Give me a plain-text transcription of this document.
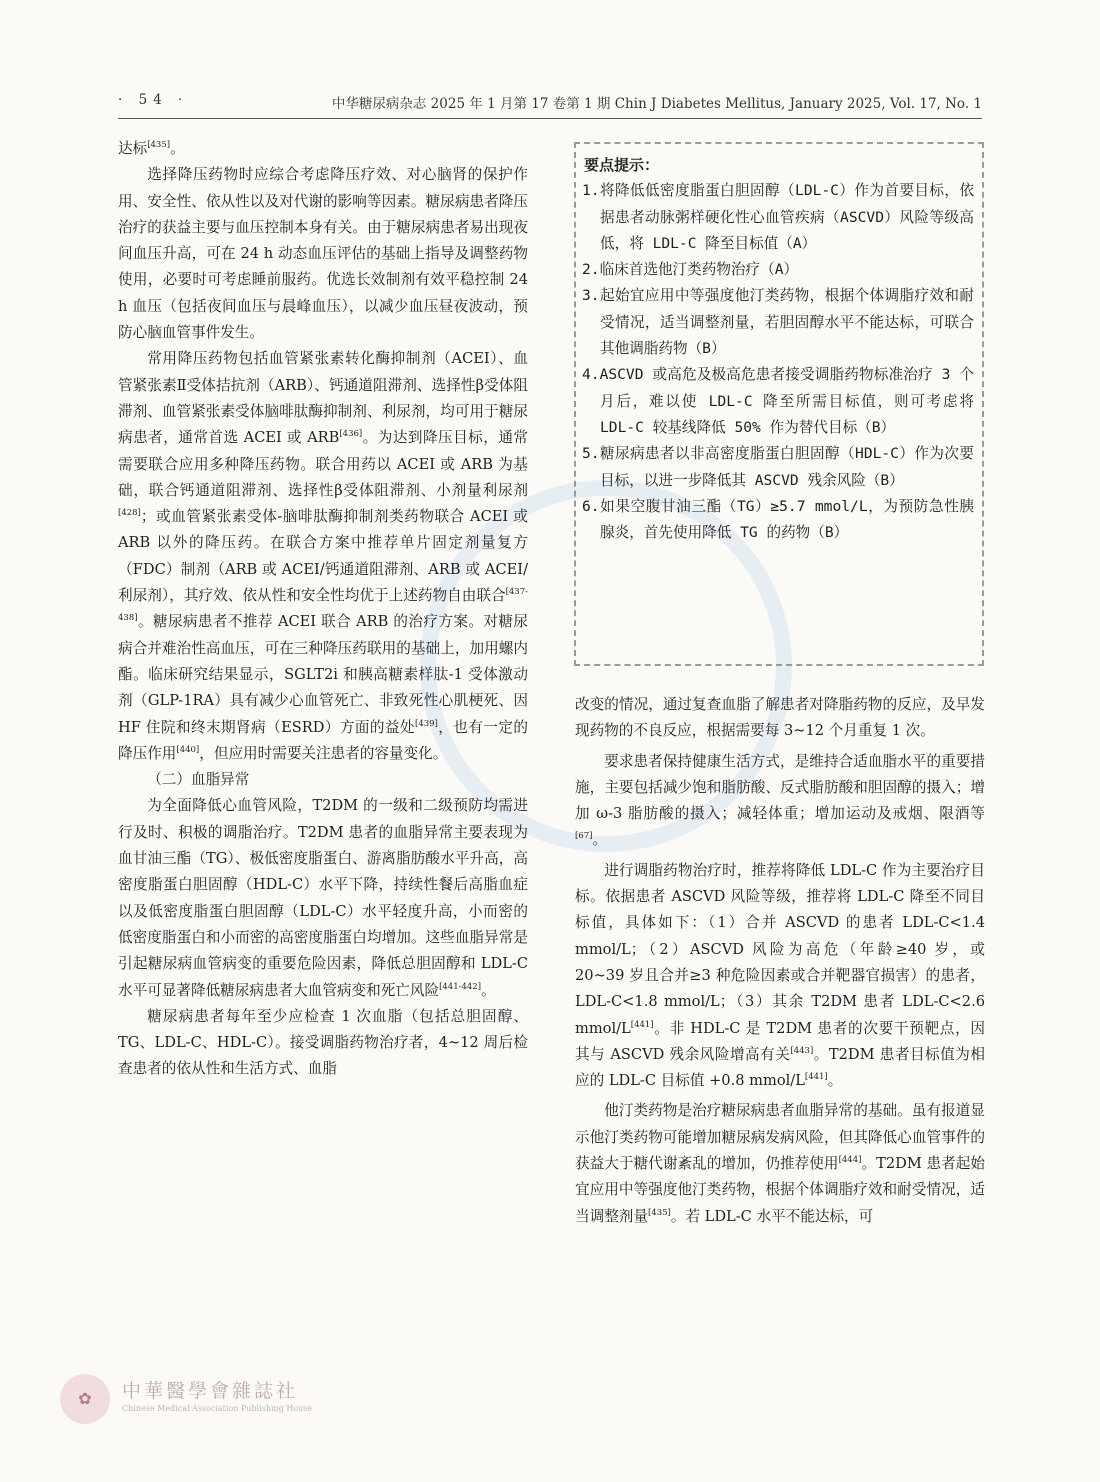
· 54 ·	中华糖尿病杂志 2025 年 1 月第 17 卷第 1 期 Chin J Diabetes Mellitus, January 2025, Vol. 17, No. 1

达标[435]。

选择降压药物时应综合考虑降压疗效、对心脑肾的保护作用、安全性、依从性以及对代谢的影响等因素。糖尿病患者降压治疗的获益主要与血压控制本身有关。由于糖尿病患者易出现夜间血压升高，可在 24 h 动态血压评估的基础上指导及调整药物使用，必要时可考虑睡前服药。优选长效制剂有效平稳控制 24 h 血压（包括夜间血压与晨峰血压），以减少血压昼夜波动，预防心脑血管事件发生。

常用降压药物包括血管紧张素转化酶抑制剂（ACEI）、血管紧张素Ⅱ受体拮抗剂（ARB）、钙通道阻滞剂、选择性β受体阻滞剂、血管紧张素受体脑啡肽酶抑制剂、利尿剂，均可用于糖尿病患者，通常首选 ACEI 或 ARB[436]。为达到降压目标，通常需要联合应用多种降压药物。联合用药以 ACEI 或 ARB 为基础，联合钙通道阻滞剂、选择性β受体阻滞剂、小剂量利尿剂[428]；或血管紧张素受体-脑啡肽酶抑制剂类药物联合 ACEI 或 ARB 以外的降压药。在联合方案中推荐单片固定剂量复方（FDC）制剂（ARB 或 ACEI/钙通道阻滞剂、ARB 或 ACEI/利尿剂），其疗效、依从性和安全性均优于上述药物自由联合[437-438]。糖尿病患者不推荐 ACEI 联合 ARB 的治疗方案。对糖尿病合并难治性高血压，可在三种降压药联用的基础上，加用螺内酯。临床研究结果显示，SGLT2i 和胰高糖素样肽-1 受体激动剂（GLP-1RA）具有减少心血管死亡、非致死性心肌梗死、因 HF 住院和终末期肾病（ESRD）方面的益处[439]，也有一定的降压作用[440]，但应用时需要关注患者的容量变化。

（二）血脂异常

为全面降低心血管风险，T2DM 的一级和二级预防均需进行及时、积极的调脂治疗。T2DM 患者的血脂异常主要表现为血甘油三酯（TG）、极低密度脂蛋白、游离脂肪酸水平升高，高密度脂蛋白胆固醇（HDL-C）水平下降，持续性餐后高脂血症以及低密度脂蛋白胆固醇（LDL-C）水平轻度升高，小而密的低密度脂蛋白和小而密的高密度脂蛋白均增加。这些血脂异常是引起糖尿病血管病变的重要危险因素，降低总胆固醇和 LDL-C 水平可显著降低糖尿病患者大血管病变和死亡风险[441-442]。

糖尿病患者每年至少应检查 1 次血脂（包括总胆固醇、TG、LDL-C、HDL-C）。接受调脂药物治疗者，4~12 周后检查患者的依从性和生活方式、血脂

要点提示：

1.将降低低密度脂蛋白胆固醇（LDL-C）作为首要目标，依据患者动脉粥样硬化性心血管疾病（ASCVD）风险等级高低，将 LDL-C 降至目标值（A）

2.临床首选他汀类药物治疗（A）

3.起始宜应用中等强度他汀类药物，根据个体调脂疗效和耐受情况，适当调整剂量，若胆固醇水平不能达标，可联合其他调脂药物（B）

4.ASCVD 或高危及极高危患者接受调脂药物标准治疗 3 个月后，难以使 LDL-C 降至所需目标值，则可考虑将 LDL-C 较基线降低 50% 作为替代目标（B）

5.糖尿病患者以非高密度脂蛋白胆固醇（HDL-C）作为次要目标，以进一步降低其 ASCVD 残余风险（B）

6.如果空腹甘油三酯（TG）≥5.7 mmol/L，为预防急性胰腺炎，首先使用降低 TG 的药物（B）

改变的情况，通过复查血脂了解患者对降脂药物的反应，及早发现药物的不良反应，根据需要每 3~12 个月重复 1 次。

要求患者保持健康生活方式，是维持合适血脂水平的重要措施，主要包括减少饱和脂肪酸、反式脂肪酸和胆固醇的摄入；增加 ω-3 脂肪酸的摄入；减轻体重；增加运动及戒烟、限酒等[67]。

进行调脂药物治疗时，推荐将降低 LDL-C 作为主要治疗目标。依据患者 ASCVD 风险等级，推荐将 LDL-C 降至不同目标值，具体如下：（1）合并 ASCVD 的患者 LDL-C<1.4 mmol/L；（2）ASCVD 风险为高危（年龄≥40 岁，或 20~39 岁且合并≥3 种危险因素或合并靶器官损害）的患者，LDL-C<1.8 mmol/L；（3）其余 T2DM 患者 LDL-C<2.6 mmol/L[441]。非 HDL-C 是 T2DM 患者的次要干预靶点，因其与 ASCVD 残余风险增高有关[443]。T2DM 患者目标值为相应的 LDL-C 目标值 +0.8 mmol/L[441]。

他汀类药物是治疗糖尿病患者血脂异常的基础。虽有报道显示他汀类药物可能增加糖尿病发病风险，但其降低心血管事件的获益大于糖代谢紊乱的增加，仍推荐使用[444]。T2DM 患者起始宜应用中等强度他汀类药物，根据个体调脂疗效和耐受情况，适当调整剂量[435]。若 LDL-C 水平不能达标，可

✿	中華醫學會雜誌社
Chinese Medical Association Publishing House
